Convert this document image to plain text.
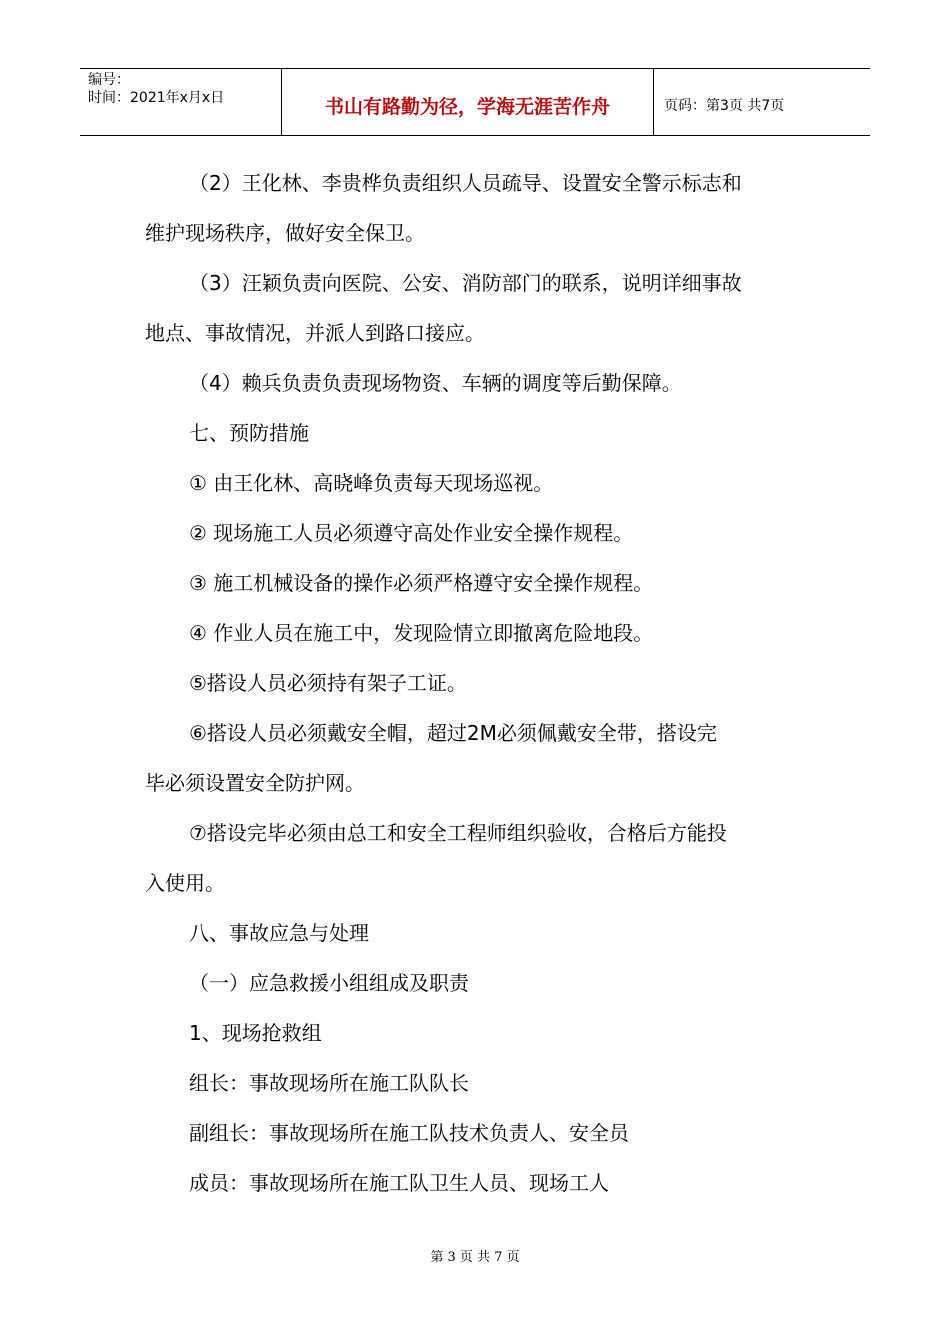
编号：
时间：2021年x月x日	书山有路勤为径，学海无涯苦作舟	页码：第3页 共7页
（2）王化林、李贵桦负责组织人员疏导、设置安全警示标志和
维护现场秩序，做好安全保卫。
（3）汪颖负责向医院、公安、消防部门的联系，说明详细事故
地点、事故情况，并派人到路口接应。
（4）赖兵负责负责现场物资、车辆的调度等后勤保障。
七、预防措施
① 由王化林、高晓峰负责每天现场巡视。
② 现场施工人员必须遵守高处作业安全操作规程。
③ 施工机械设备的操作必须严格遵守安全操作规程。
④ 作业人员在施工中，发现险情立即撤离危险地段。
⑤搭设人员必须持有架子工证。
⑥搭设人员必须戴安全帽，超过2M必须佩戴安全带，搭设完
毕必须设置安全防护网。
⑦搭设完毕必须由总工和安全工程师组织验收，合格后方能投
入使用。
八、事故应急与处理
（一）应急救援小组组成及职责
1、现场抢救组
组长：事故现场所在施工队队长
副组长：事故现场所在施工队技术负责人、安全员
成员：事故现场所在施工队卫生人员、现场工人
第 3 页 共 7 页
